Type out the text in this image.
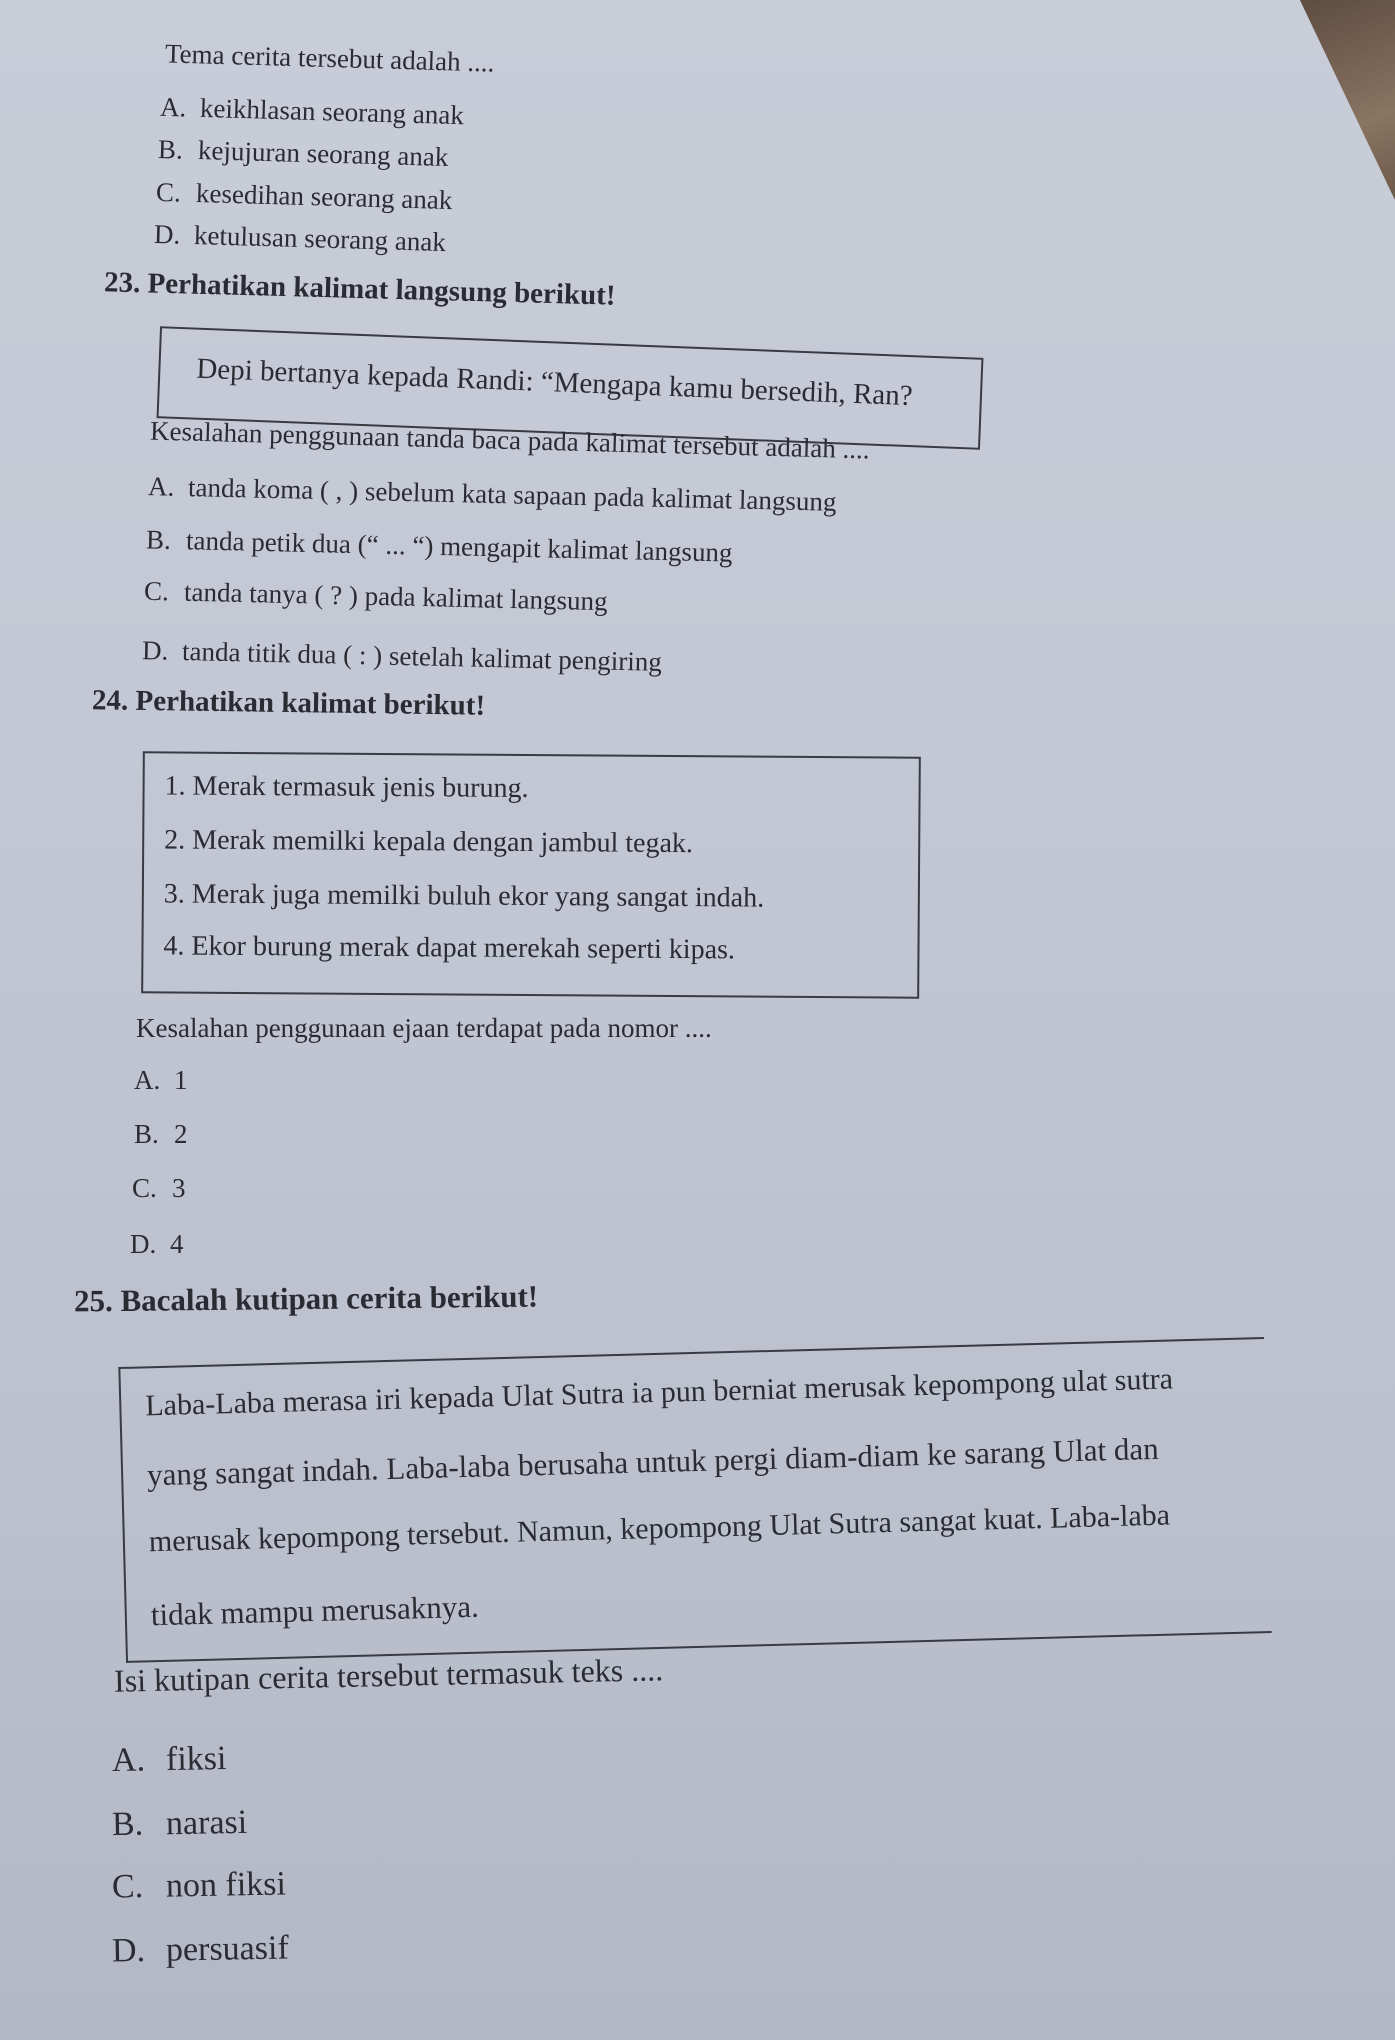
Tema cerita tersebut adalah ....
A. keikhlasan seorang anak
B. kejujuran seorang anak
C. kesedihan seorang anak
D. ketulusan seorang anak
23. Perhatikan kalimat langsung berikut!
Depi bertanya kepada Randi: “Mengapa kamu bersedih, Ran?
Kesalahan penggunaan tanda baca pada kalimat tersebut adalah ....
A. tanda koma ( , ) sebelum kata sapaan pada kalimat langsung
B. tanda petik dua (“ ... “) mengapit kalimat langsung
C. tanda tanya ( ? ) pada kalimat langsung
D. tanda titik dua ( : ) setelah kalimat pengiring
24. Perhatikan kalimat berikut!
1. Merak termasuk jenis burung.
2. Merak memilki kepala dengan jambul tegak.
3. Merak juga memilki buluh ekor yang sangat indah.
4. Ekor burung merak dapat merekah seperti kipas.
Kesalahan penggunaan ejaan terdapat pada nomor ....
A. 1
B. 2
C. 3
D. 4
25. Bacalah kutipan cerita berikut!
Laba-Laba merasa iri kepada Ulat Sutra ia pun berniat merusak kepompong ulat sutra
yang sangat indah. Laba-laba berusaha untuk pergi diam-diam ke sarang Ulat dan
merusak kepompong tersebut. Namun, kepompong Ulat Sutra sangat kuat. Laba-laba
tidak mampu merusaknya.
Isi kutipan cerita tersebut termasuk teks ....
A. fiksi
B. narasi
C. non fiksi
D. persuasif
